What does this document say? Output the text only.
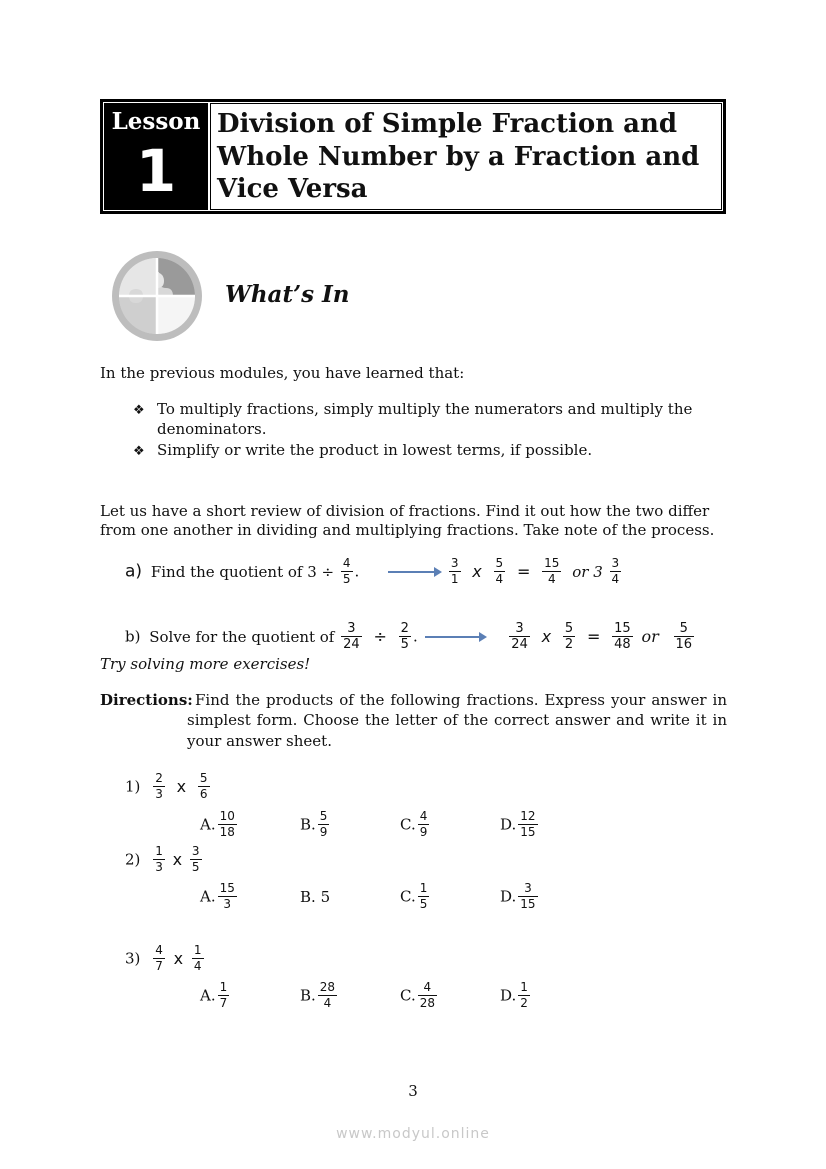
Lesson
1
Division of Simple Fraction and
Whole Number by a Fraction and
Vice Versa
What’s In
In the previous modules, you have learned that:
❖ To multiply fractions, simply multiply the numerators and multiply the
denominators.
❖ Simplify or write the product in lowest terms, if possible.
Let us have a short review of division of fractions. Find it out how the two differ
from one another in dividing and multiplying fractions. Take note of the process.
a) Find the quotient of $3 \div \frac{4}{5}$ .	$\frac{3}{1}$ x $\frac{5}{4} = \frac{15}{4}$ or $3 \frac{3}{4}$
b) Solve for the quotient of $\frac{3}{24} \div \frac{2}{5}$ .	$\frac{3}{24}$ x $\frac{5}{2} = \frac{15}{48}$ or $\frac{5}{16}$
Try solving more exercises!
Directions: Find the products of the following fractions. Express your answer in
simplest form. Choose the letter of the correct answer and write it in
your answer sheet.
$1) \frac{2}{3}$ x $\frac{5}{6}$
A. $\frac{10}{18}$	B. $\frac{5}{9}$	C. $\frac{4}{9}$	D. $\frac{12}{15}$
$2) \frac{1}{3}$ x $\frac{3}{5}$
A. $\frac{15}{3}$	B. 5	C. $\frac{1}{5}$	D. $\frac{3}{15}$
$3) \frac{4}{7}$ x $\frac{1}{4}$
A. $\frac{1}{7}$	B. $\frac{28}{4}$	C. $\frac{4}{28}$	D. $\frac{1}{2}$
3
www.modyul.online
